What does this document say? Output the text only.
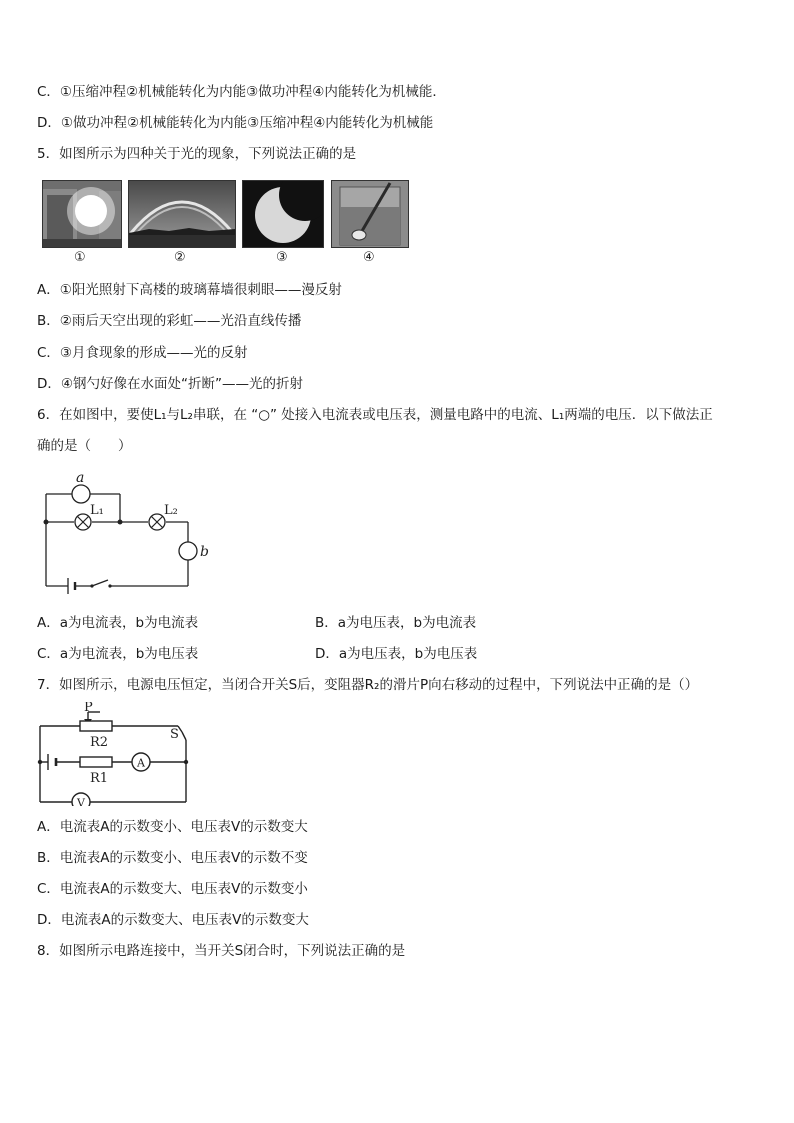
C．①压缩冲程②机械能转化为内能③做功冲程④内能转化为机械能．
D．①做功冲程②机械能转化为内能③压缩冲程④内能转化为机械能
5．如图所示为四种关于光的现象，下列说法正确的是
①	②	③	④
A．①阳光照射下高楼的玻璃幕墙很刺眼——漫反射
B．②雨后天空出现的彩虹——光沿直线传播
C．③月食现象的形成——光的反射
D．④钢勺好像在水面处“折断”——光的折射
6．在如图中，要使L₁与L₂串联，在 “○” 处接入电流表或电压表，测量电路中的电流、L₁两端的电压．以下做法正
确的是（　　）
a
L₁	L₂
b
A．a为电流表，b为电流表	B．a为电压表，b为电流表
C．a为电流表，b为电压表	D．a为电压表，b为电压表
7．如图所示，电源电压恒定，当闭合开关S后，变阻器R₂的滑片P向右移动的过程中，下列说法中正确的是（）
P
R2
R1
S
A
V
A．电流表A的示数变小、电压表V的示数变大
B．电流表A的示数变小、电压表V的示数不变
C．电流表A的示数变大、电压表V的示数变小
D．电流表A的示数变大、电压表V的示数变大
8．如图所示电路连接中，当开关S闭合时，下列说法正确的是
